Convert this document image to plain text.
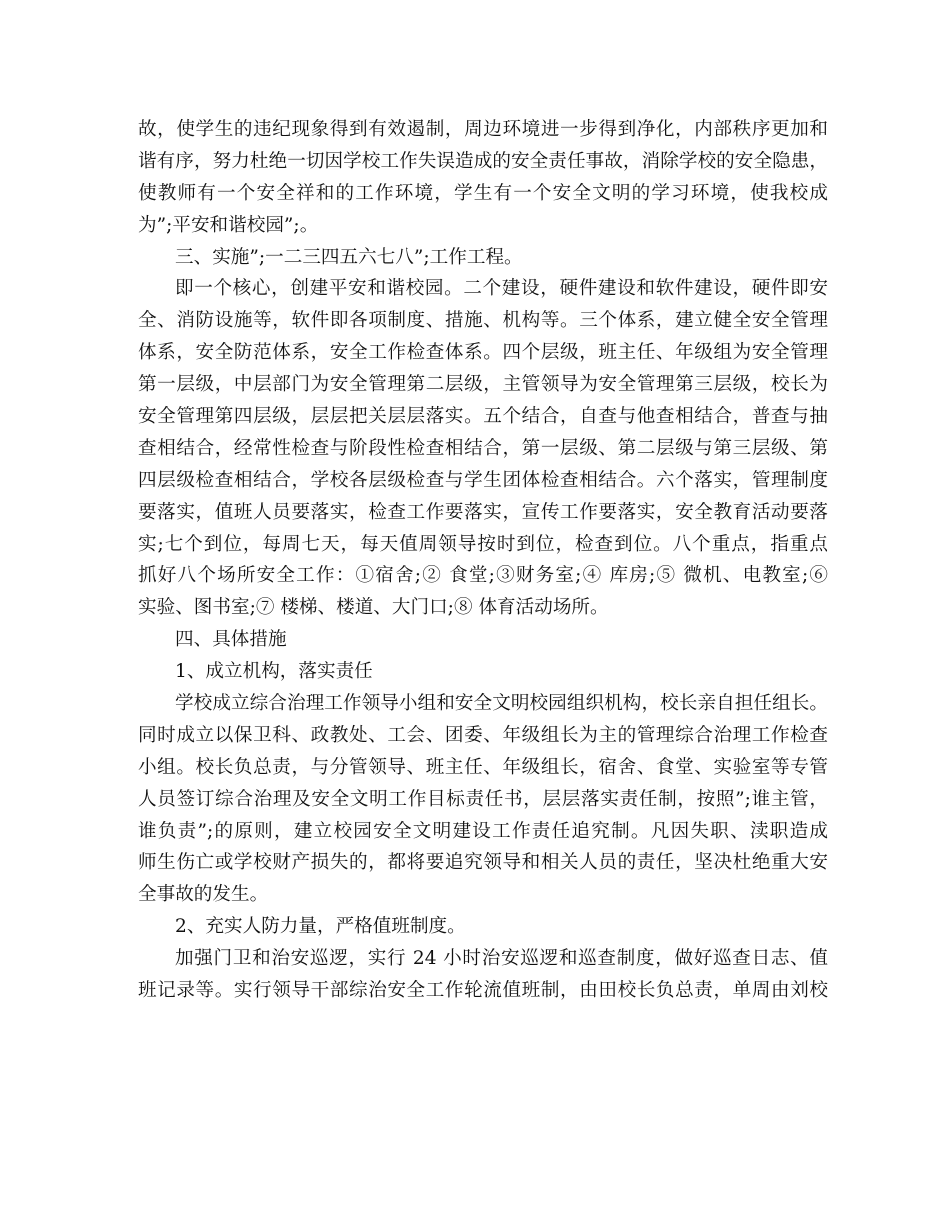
故，使学生的违纪现象得到有效遏制，周边环境进一步得到净化，内部秩序更加和
谐有序，努力杜绝一切因学校工作失误造成的安全责任事故，消除学校的安全隐患，
使教师有一个安全祥和的工作环境，学生有一个安全文明的学习环境，使我校成
为”;平安和谐校园”;。
三、实施”;一二三四五六七八”;工作工程。
即一个核心，创建平安和谐校园。二个建设，硬件建设和软件建设，硬件即安
全、消防设施等，软件即各项制度、措施、机构等。三个体系，建立健全安全管理
体系，安全防范体系，安全工作检查体系。四个层级，班主任、年级组为安全管理
第一层级，中层部门为安全管理第二层级，主管领导为安全管理第三层级，校长为
安全管理第四层级，层层把关层层落实。五个结合，自查与他查相结合，普查与抽
查相结合，经常性检查与阶段性检查相结合，第一层级、第二层级与第三层级、第
四层级检查相结合，学校各层级检查与学生团体检查相结合。六个落实，管理制度
要落实，值班人员要落实，检查工作要落实，宣传工作要落实，安全教育活动要落
实;七个到位，每周七天，每天值周领导按时到位，检查到位。八个重点，指重点
抓好八个场所安全工作：①宿舍;② 食堂;③财务室;④ 库房;⑤ 微机、电教室;⑥
实验、图书室;⑦ 楼梯、楼道、大门口;⑧ 体育活动场所。
四、具体措施
1、成立机构，落实责任
学校成立综合治理工作领导小组和安全文明校园组织机构，校长亲自担任组长。
同时成立以保卫科、政教处、工会、团委、年级组长为主的管理综合治理工作检查
小组。校长负总责，与分管领导、班主任、年级组长，宿舍、食堂、实验室等专管
人员签订综合治理及安全文明工作目标责任书，层层落实责任制，按照”;谁主管，
谁负责”;的原则，建立校园安全文明建设工作责任追究制。凡因失职、渎职造成
师生伤亡或学校财产损失的，都将要追究领导和相关人员的责任，坚决杜绝重大安
全事故的发生。
2、充实人防力量，严格值班制度。
加强门卫和治安巡逻，实行 24 小时治安巡逻和巡查制度，做好巡查日志、值
班记录等。实行领导干部综治安全工作轮流值班制，由田校长负总责，单周由刘校
